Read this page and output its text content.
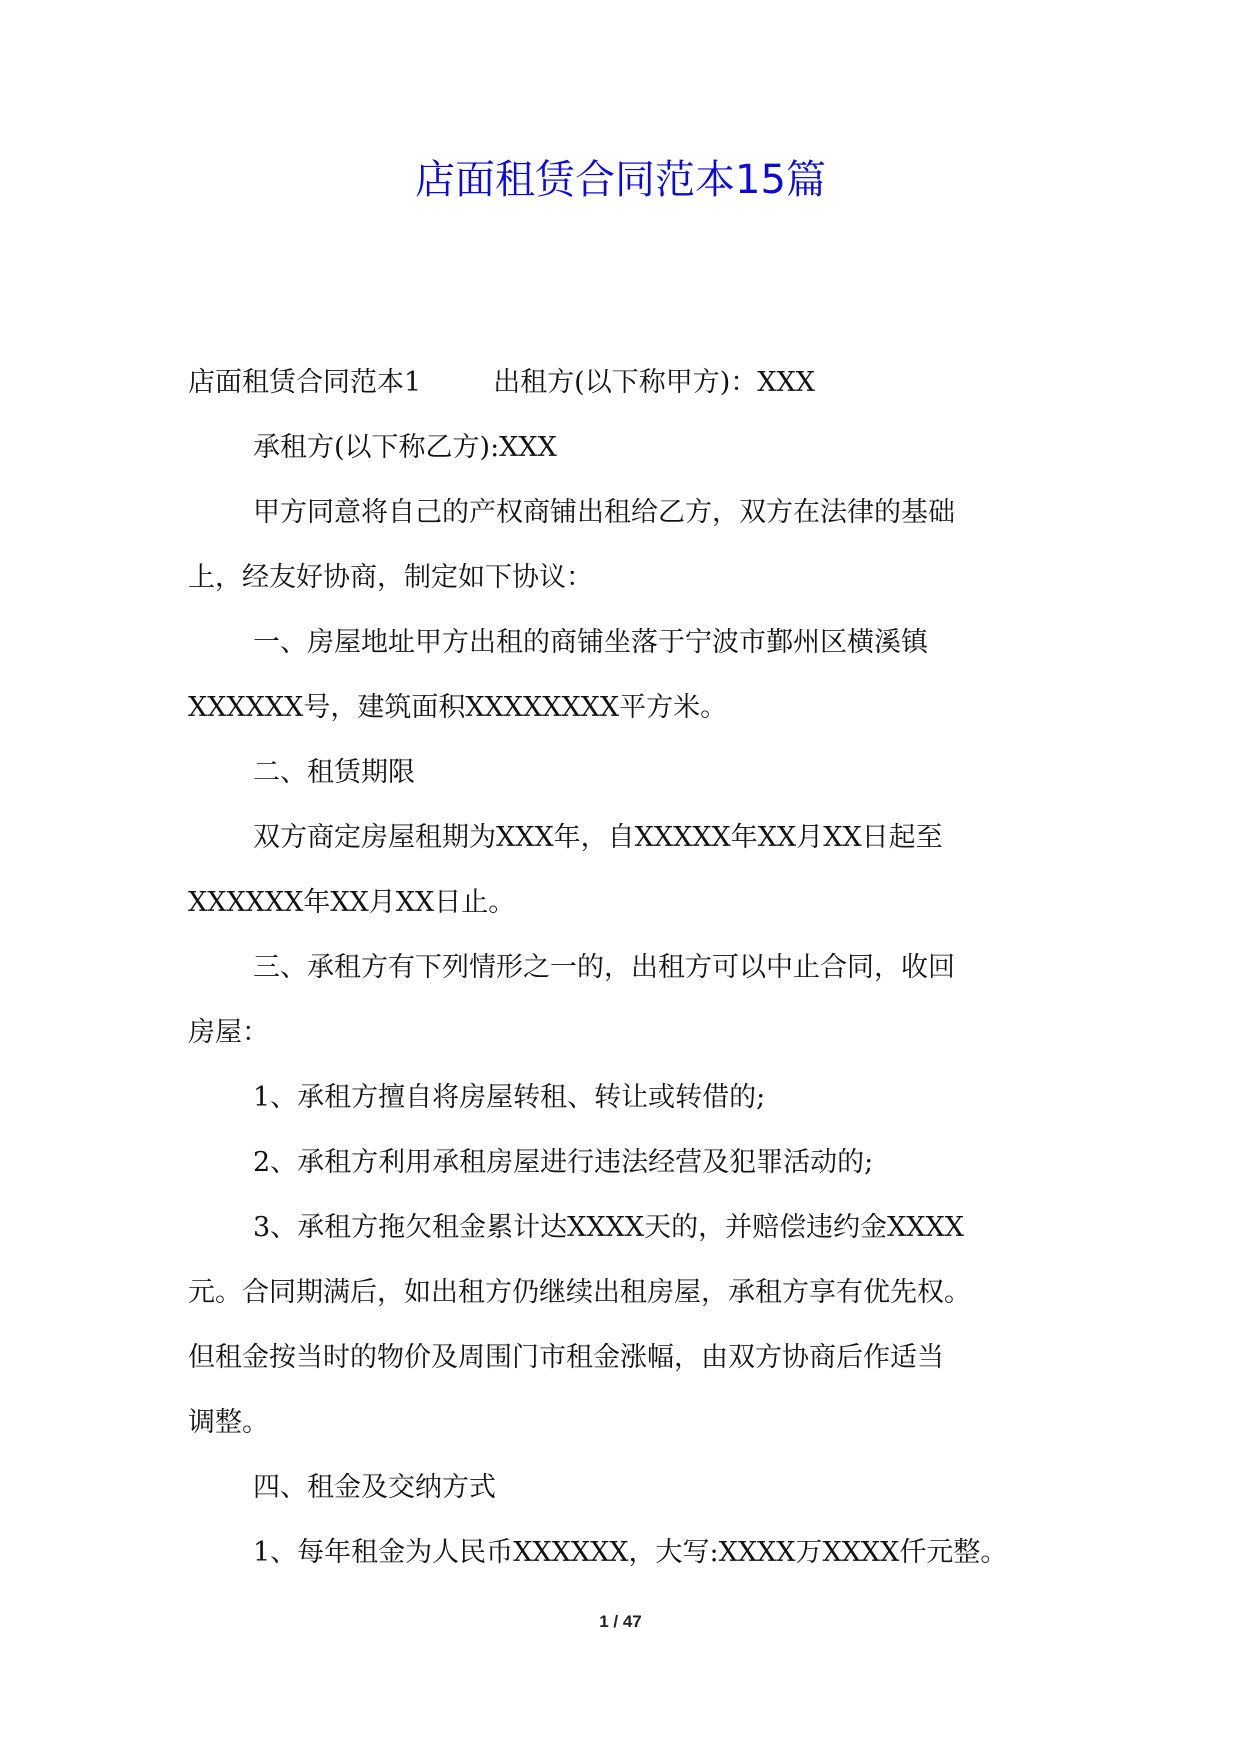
店面租赁合同范本15篇

店面租赁合同范本1	出租方(以下称甲方)：XXX

承租方(以下称乙方):XXX

甲方同意将自己的产权商铺出租给乙方，双方在法律的基础

上，经友好协商，制定如下协议：

一、房屋地址甲方出租的商铺坐落于宁波市鄞州区横溪镇

XXXXXX号，建筑面积XXXXXXXX平方米。

二、租赁期限

双方商定房屋租期为XXX年，自XXXXX年XX月XX日起至

XXXXXX年XX月XX日止。

三、承租方有下列情形之一的，出租方可以中止合同，收回

房屋：

1、承租方擅自将房屋转租、转让或转借的;

2、承租方利用承租房屋进行违法经营及犯罪活动的;

3、承租方拖欠租金累计达XXXX天的，并赔偿违约金XXXX

元。合同期满后，如出租方仍继续出租房屋，承租方享有优先权。

但租金按当时的物价及周围门市租金涨幅，由双方协商后作适当

调整。

四、租金及交纳方式

1、每年租金为人民币XXXXXX，大写:XXXX万XXXX仟元整。

1 / 47
